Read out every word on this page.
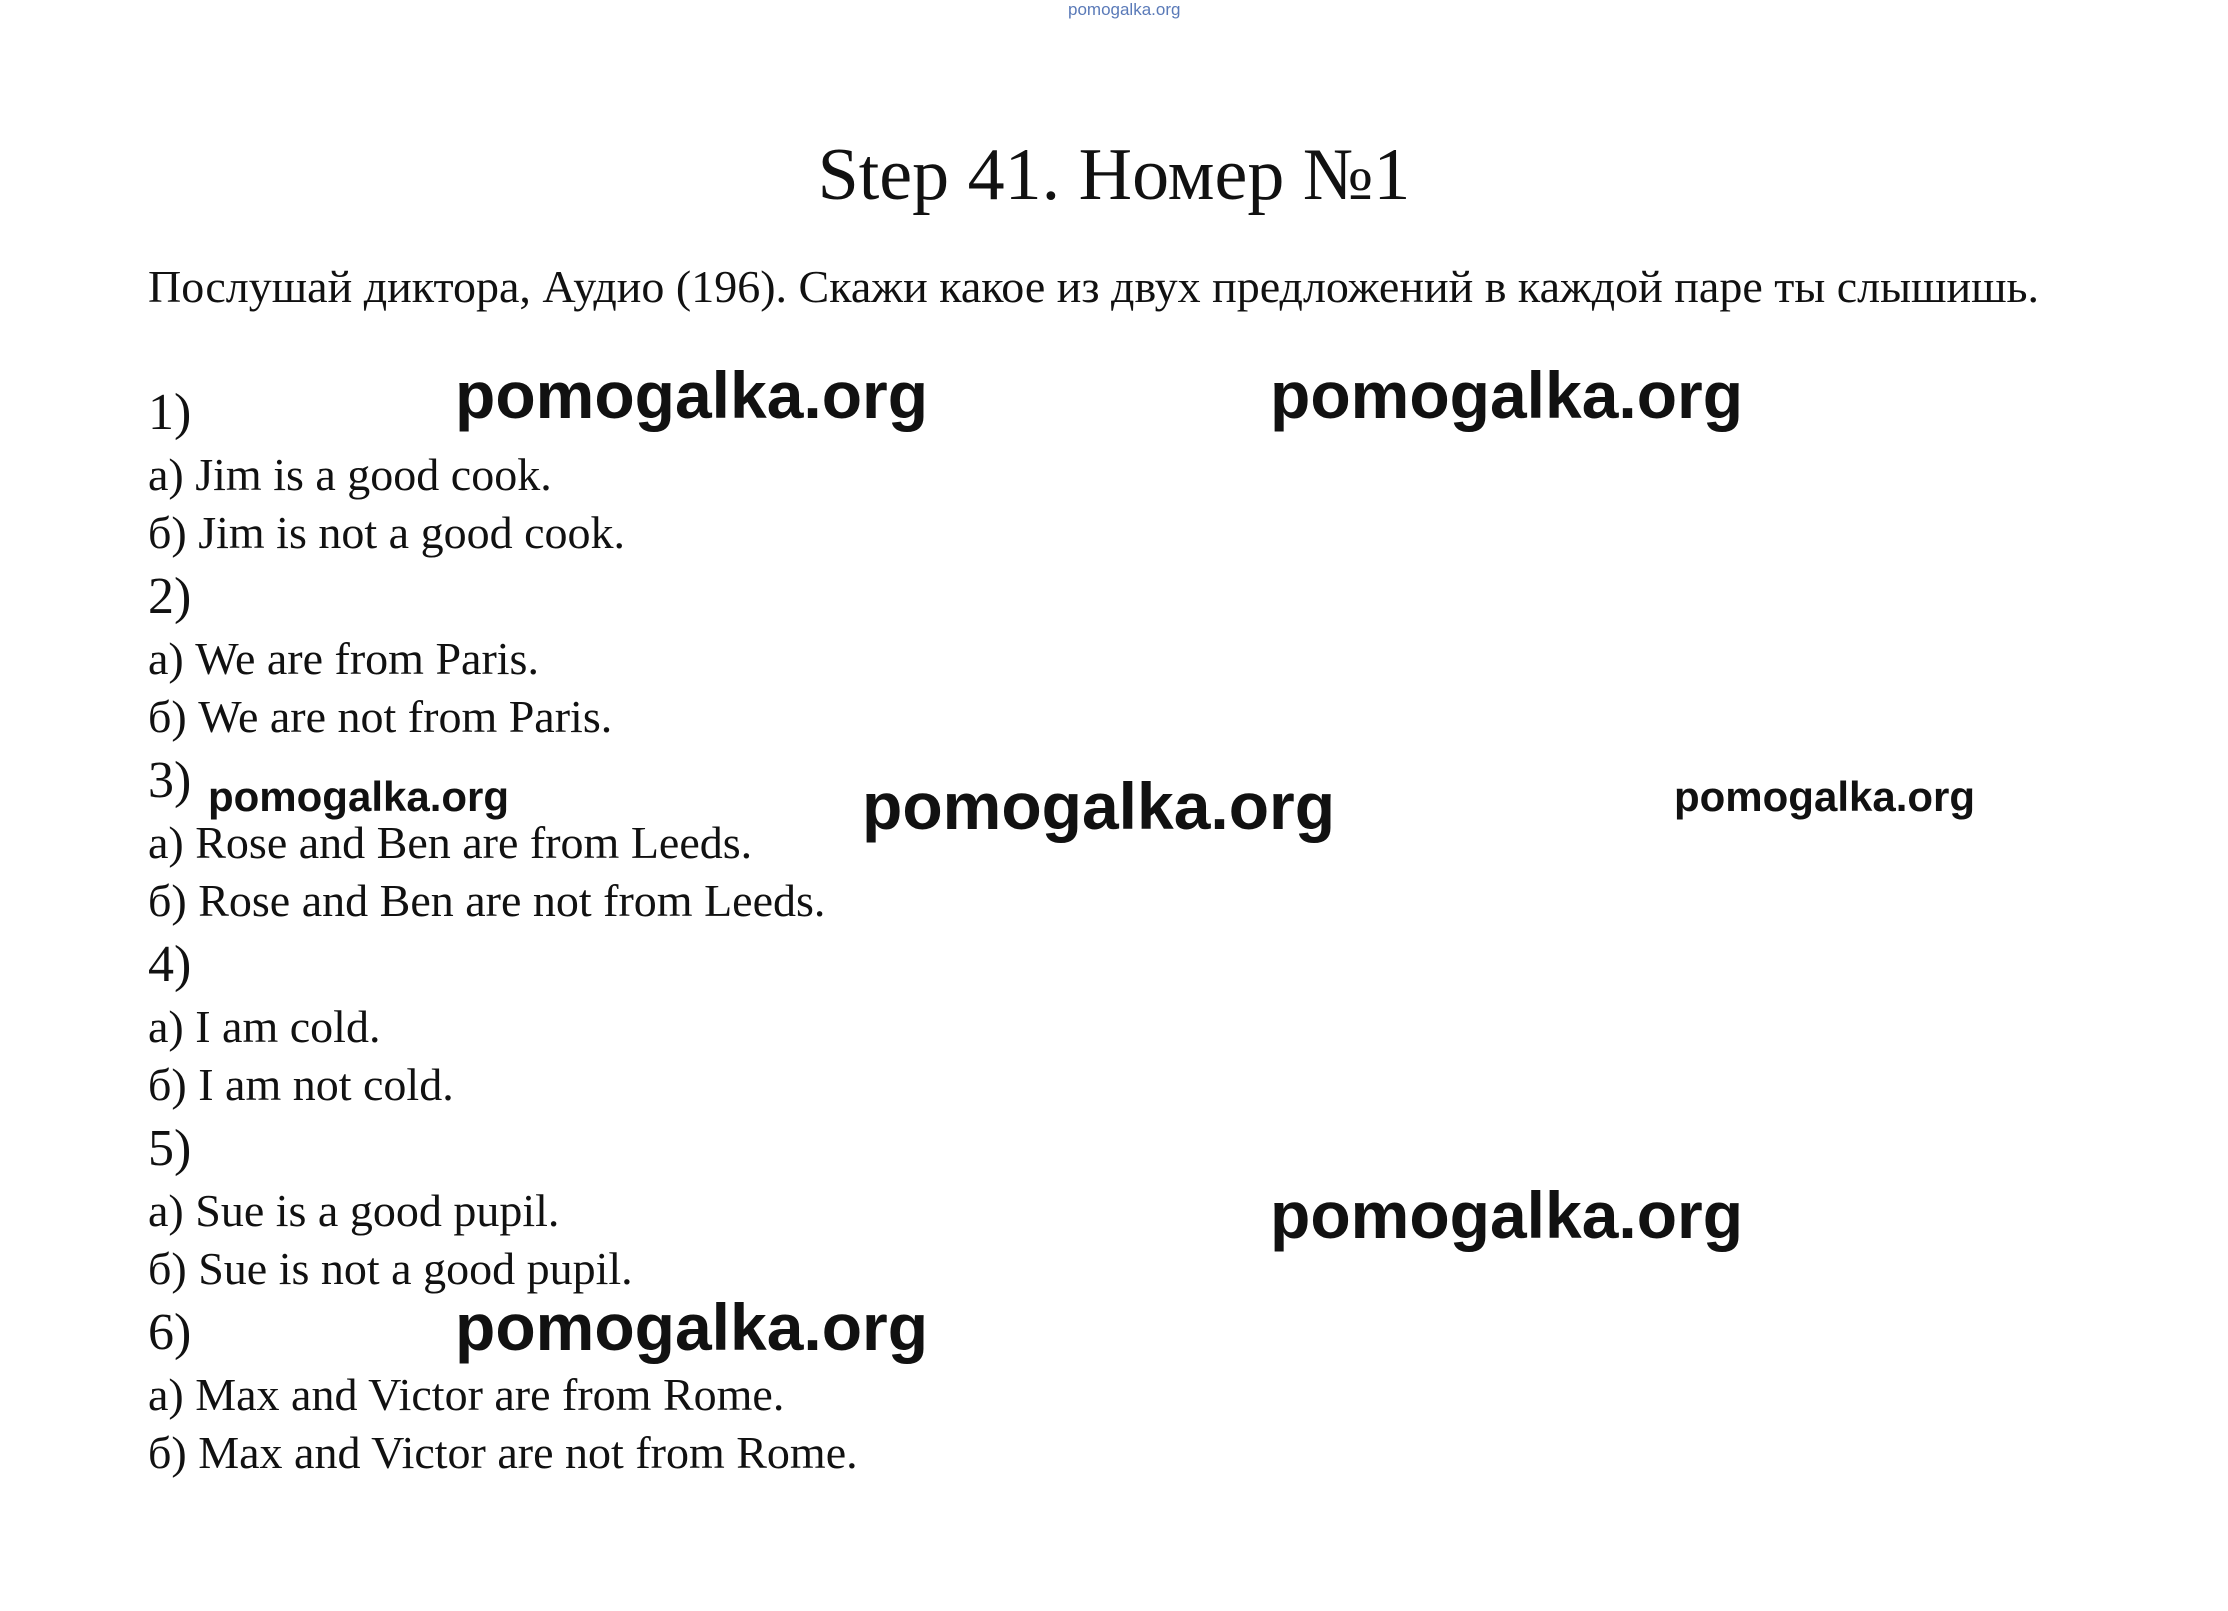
pomogalka.org
Step 41. Номер №1
Послушай диктора, Аудио (196). Скажи какое из двух предложений в каждой паре ты слышишь.
1)
а) Jim is a good cook.
б) Jim is not a good cook.
2)
а) We are from Paris.
б) We are not from Paris.
3)
а) Rose and Ben are from Leeds.
б) Rose and Ben are not from Leeds.
4)
а) I am cold.
б) I am not cold.
5)
а) Sue is a good pupil.
б) Sue is not a good pupil.
6)
а) Max and Victor are from Rome.
б) Max and Victor are not from Rome.
pomogalka.org	pomogalka.org
pomogalka.org	pomogalka.org	pomogalka.org
pomogalka.org
pomogalka.org
